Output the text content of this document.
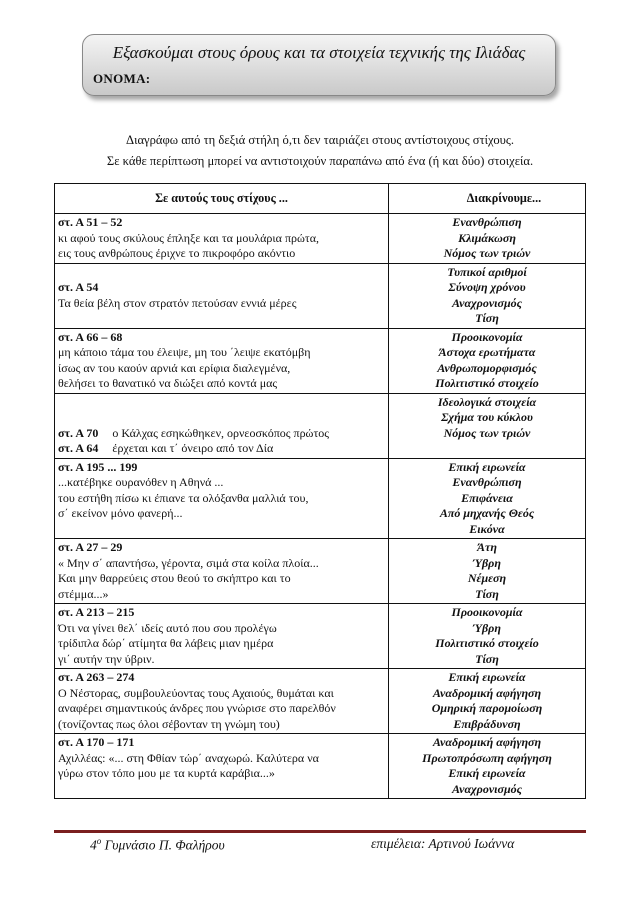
Εξασκούμαι στους όρους και τα στοιχεία τεχνικής της Ιλιάδας
ΟΝΟΜΑ:
Διαγράφω από τη δεξιά στήλη ό,τι δεν ταιριάζει στους αντίστοιχους στίχους.
Σε κάθε περίπτωση μπορεί να αντιστοιχούν παραπάνω από ένα (ή και δύο) στοιχεία.
Σε αυτούς τους στίχους ...	Διακρίνουμε...

στ. Α 51 – 52
κι αφού τους σκύλους έπληξε και τα μουλάρια πρώτα,
εις τους ανθρώπους έριχνε το πικροφόρο ακόντιο	Ενανθρώπιση
Κλιμάκωση
Νόμος των τριών

στ. Α 54
Τα θεία βέλη στον στρατόν πετούσαν εννιά μέρες	Τυπικοί αριθμοί
Σύνοψη χρόνου
Αναχρονισμός
Τίση

στ. Α 66 – 68
μη κάποιο τάμα του έλειψε, μη του ΄λειψε εκατόμβη
ίσως αν του καούν αρνιά και ερίφια διαλεγμένα,
θελήσει το θανατικό να διώξει από κοντά μας	Προοικονομία
Άστοχα ερωτήματα
Ανθρωπομορφισμός
Πολιτιστικό στοιχείο

στ. Α 70 ο Κάλχας εσηκώθηκεν, ορνεοσκόπος πρώτος
στ. Α 64 έρχεται και τ΄ όνειρο από τον Δία	Ιδεολογικά στοιχεία
Σχήμα του κύκλου
Νόμος των τριών

στ. Α 195 ... 199
...κατέβηκε ουρανόθεν η Αθηνά ...
του εστήθη πίσω κι έπιανε τα ολόξανθα μαλλιά του,
σ΄ εκείνον μόνο φανερή...	Επική ειρωνεία
Ενανθρώπιση
Επιφάνεια
Από μηχανής Θεός
Εικόνα

στ. Α 27 – 29
« Μην σ΄ απαντήσω, γέροντα, σιμά στα κοίλα πλοία...
Και μην θαρρεύεις στου θεού το σκήπτρο και το
στέμμα...»	Άτη
Ύβρη
Νέμεση
Τίση

στ. Α 213 – 215
Ότι να γίνει θελ΄ ιδείς αυτό που σου προλέγω
τρίδιπλα δώρ΄ ατίμητα θα λάβεις μιαν ημέρα
γι΄ αυτήν την ύβριν.	Προοικονομία
Ύβρη
Πολιτιστικό στοιχείο
Τίση

στ. Α 263 – 274
Ο Νέστορας, συμβουλεύοντας τους Αχαιούς, θυμάται και
αναφέρει σημαντικούς άνδρες που γνώρισε στο παρελθόν
(τονίζοντας πως όλοι σέβονταν τη γνώμη του)	Επική ειρωνεία
Αναδρομική αφήγηση
Ομηρική παρομοίωση
Επιβράδυνση

στ. Α 170 – 171
Αχιλλέας: «... στη Φθίαν τώρ΄ αναχωρώ. Καλύτερα να
γύρω στον τόπο μου με τα κυρτά καράβια...»	Αναδρομική αφήγηση
Πρωτοπρόσωπη αφήγηση
Επική ειρωνεία
Αναχρονισμός
$4^o$ Γυμνάσιο Π. Φαλήρου	επιμέλεια: Αρτινού Ιωάννα
